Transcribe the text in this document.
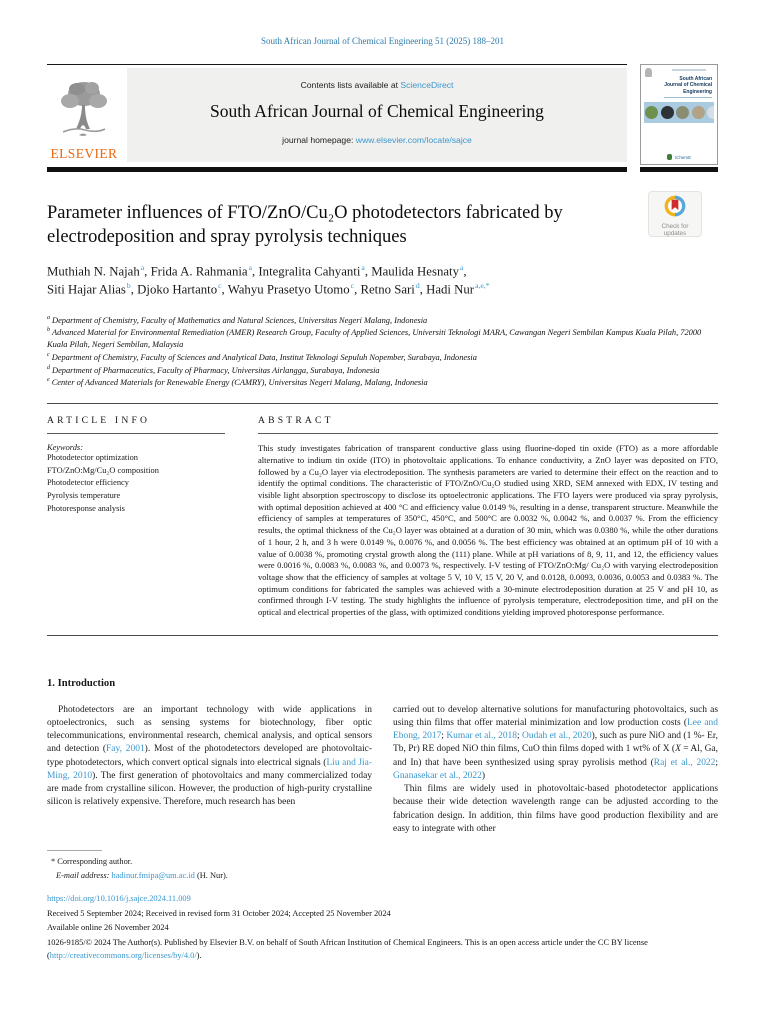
South African Journal of Chemical Engineering 51 (2025) 188–201
ELSEVIER
Contents lists available at ScienceDirect
South African Journal of Chemical Engineering
journal homepage: www.elsevier.com/locate/sajce
South African Journal of Chemical Engineering
IChemE
Parameter influences of FTO/ZnO/Cu₂O photodetectors fabricated by
electrodeposition and spray pyrolysis techniques
Muthiah N. Najah$^a$, Frida A. Rahmania$^a$, Integralita Cahyanti$^a$, Maulida Hesnaty$^a$,
Siti Hajar Alias$^b$, Djoko Hartanto$^c$, Wahyu Prasetyo Utomo$^c$, Retno Sari$^d$, Hadi Nur$^{a,e,*}$
$^a$ Department of Chemistry, Faculty of Mathematics and Natural Sciences, Universitas Negeri Malang, Indonesia
$^b$ Advanced Material for Environmental Remediation (AMER) Research Group, Faculty of Applied Sciences, Universiti Teknologi MARA, Cawangan Negeri Sembilan Kampus Kuala Pilah, 72000 Kuala Pilah, Negeri Sembilan, Malaysia
$^c$ Department of Chemistry, Faculty of Sciences and Analytical Data, Institut Teknologi Sepuluh Nopember, Surabaya, Indonesia
$^d$ Department of Pharmaceutics, Faculty of Pharmacy, Universitas Airlangga, Surabaya, Indonesia
$^e$ Center of Advanced Materials for Renewable Energy (CAMRY), Universitas Negeri Malang, Malang, Indonesia
ARTICLE INFO
Keywords:
Photodetector optimization
FTO/ZnO:Mg/Cu₂O composition
Photodetector efficiency
Pyrolysis temperature
Photoresponse analysis
ABSTRACT
This study investigates fabrication of transparent conductive glass using fluorine-doped tin oxide (FTO) as a more affordable alternative to indium tin oxide (ITO) in photovoltaic applications. To enhance conductivity, a ZnO layer was deposited on FTO, followed by a Cu₂O layer via electrodeposition. The synthesis parameters are varied to determine their effect on the reaction and to identify the optimal conditions. The characteristic of FTO/ZnO/Cu₂O studied using XRD, SEM annexed with EDX, IV testing and visible light absorption spectroscopy to disclose its optoelectronic applications. The FTO layers were produced via spray pyrolysis, with optimal deposition achieved at 400 °C and efficiency value 0.0149 %, resulting in a dense, transparent structure. Meanwhile the efficiency of samples at temperatures of 350°C, 450°C, and 500°C are 0.0032 %, 0.0042 %, and 0.0037 %. From the efficiency results, the optimal thickness of the Cu₂O layer was obtained at a duration of 30 min, which was 0.0380 %, while the other durations of 1 hour, 2 h, and 3 h were 0.0149 %, 0.0076 %, and 0.0056 %. The best efficiency was obtained at an optimum pH of 10 with a value of 0.0038 %, promoting crystal growth along the (111) plane. While at pH variations of 8, 9, 11, and 12, the efficiency values were 0.0016 %, 0.0083 %, 0.0083 %, and 0.0073 %, respectively. I-V testing of FTO/ZnO:Mg/ Cu₂O with varying electrodeposition voltage show that the efficiency of samples at voltage 5 V, 10 V, 15 V, 20 V, and 0.0128, 0.0093, 0.0036, 0.0053 and 0.0383 %. The optimum conditions for fabricated the samples was achieved with a 30-minute electrodeposition duration at 25 V and pH 10, as confirmed through I-V testing. The study highlights the influence of pyrolysis temperature, electrodeposition time, and pH on the optical and electrical properties of the glass, with optimized conditions yielding improved photoresponse performance.
1. Introduction

Photodetectors are an important technology with wide applications in optoelectronics, such as sensing systems for biotechnology, fiber optic telecommunications, environmental research, chemical analysis, and optical sensors and detection (Fay, 2001). Most of the photodetectors developed are photovoltaic-type photodetectors, which convert optical signals into electrical signals (Liu and Jia-Ming, 2010). The first generation of photovoltaics and many commercialized today are made from crystalline silicon. However, the production of high-purity crystalline silicon is relatively expensive. Therefore, much research has been

carried out to develop alternative solutions for manufacturing photovoltaics, such as using thin films that offer material minimization and low production costs (Lee and Ebong, 2017; Kumar et al., 2018; Oudah et al., 2020), such as pure NiO and (1 %- Er, Tb, Pr) RE doped NiO thin films, CuO thin films doped with 1 wt% of X (X = Al, Ga, and In) that have been synthesized using spray pyrolisis method (Raj et al., 2022; Gnanasekar et al., 2022)

Thin films are widely used in photovoltaic-based photodetector applications because their wide detection wavelength range can be adjusted according to the fabrication design. In addition, thin films have good production flexibility and are easy to integrate with other

* Corresponding author.
E-mail address: hadinur.fmipa@um.ac.id (H. Nur).
https://doi.org/10.1016/j.sajce.2024.11.009
Received 5 September 2024; Received in revised form 31 October 2024; Accepted 25 November 2024
Available online 26 November 2024
1026-9185/© 2024 The Author(s). Published by Elsevier B.V. on behalf of South African Institution of Chemical Engineers. This is an open access article under the CC BY license (http://creativecommons.org/licenses/by/4.0/).
Check for updates
